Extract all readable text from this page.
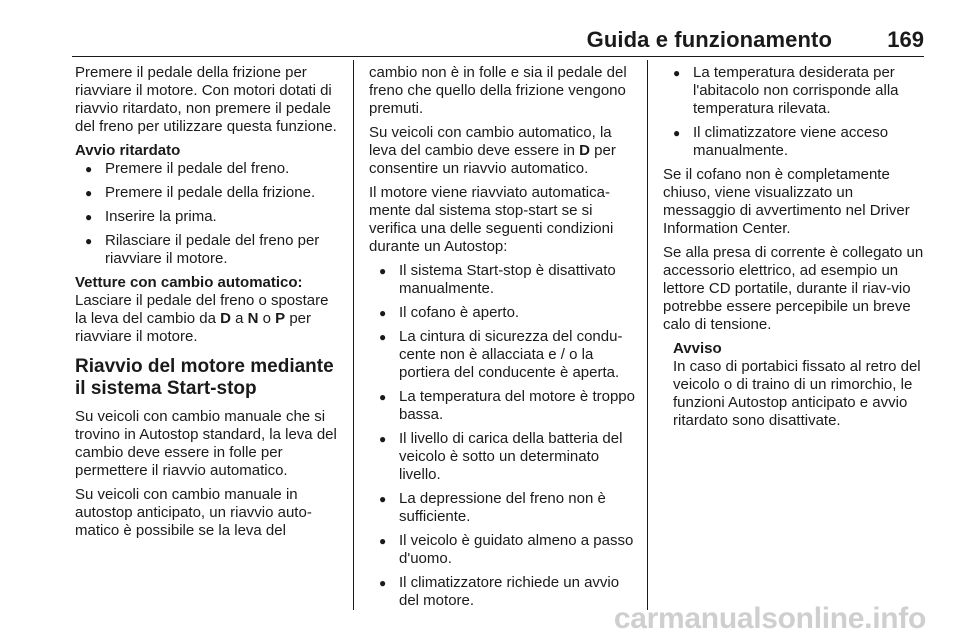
Guida e funzionamento	169

Premere il pedale della frizione per riavviare il motore. Con motori dotati di riavvio ritardato, non premere il pedale del freno per utilizzare questa funzione.

Avvio ritardato
● Premere il pedale del freno.
● Premere il pedale della frizione.
● Inserire la prima.
● Rilasciare il pedale del freno per riavviare il motore.

Vetture con cambio automatico:
Lasciare il pedale del freno o spostare la leva del cambio da D a N o P per riavviare il motore.

Riavvio del motore mediante il sistema Start-stop

Su veicoli con cambio manuale che si trovino in Autostop standard, la leva del cambio deve essere in folle per permettere il riavvio automatico.

Su veicoli con cambio manuale in autostop anticipato, un riavvio auto-matico è possibile se la leva del

cambio non è in folle e sia il pedale del freno che quello della frizione vengono premuti.

Su veicoli con cambio automatico, la leva del cambio deve essere in D per consentire un riavvio automatico.

Il motore viene riavviato automatica-mente dal sistema stop-start se si verifica una delle seguenti condizioni durante un Autostop:

● Il sistema Start-stop è disattivato manualmente.
● Il cofano è aperto.
● La cintura di sicurezza del condu-cente non è allacciata e / o la portiera del conducente è aperta.
● La temperatura del motore è troppo bassa.
● Il livello di carica della batteria del veicolo è sotto un determinato livello.
● La depressione del freno non è sufficiente.
● Il veicolo è guidato almeno a passo d'uomo.
● Il climatizzatore richiede un avvio del motore.
● La temperatura desiderata per l'abitacolo non corrisponde alla temperatura rilevata.
● Il climatizzatore viene acceso manualmente.

Se il cofano non è completamente chiuso, viene visualizzato un messaggio di avvertimento nel Driver Information Center.

Se alla presa di corrente è collegato un accessorio elettrico, ad esempio un lettore CD portatile, durante il riav-vio potrebbe essere percepibile un breve calo di tensione.

Avviso
In caso di portabici fissato al retro del veicolo o di traino di un rimorchio, le funzioni Autostop anticipato e avvio ritardato sono disattivate.
carmanualsonline.info
